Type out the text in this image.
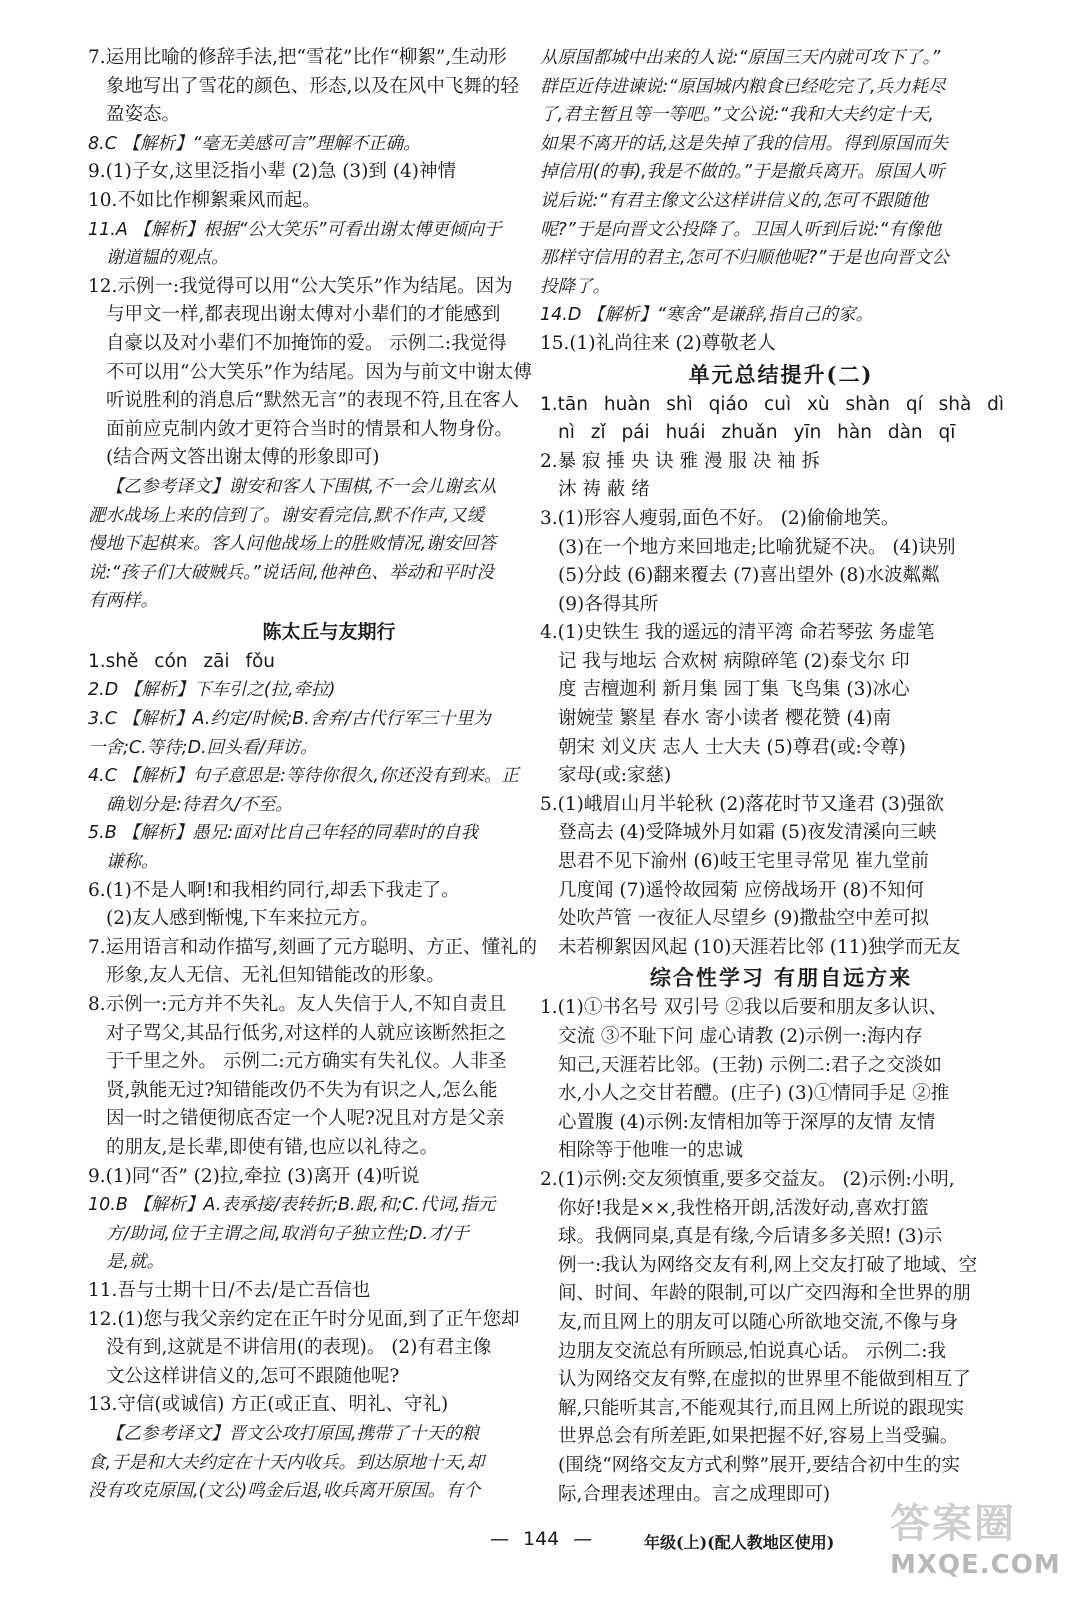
7.运用比喻的修辞手法,把“雪花”比作“柳絮”,生动形
象地写出了雪花的颜色、形态,以及在风中飞舞的轻
盈姿态。
8.C 【解析】“毫无美感可言”理解不正确。
9.(1)子女,这里泛指小辈 (2)急 (3)到 (4)神情
10.不如比作柳絮乘风而起。
11.A 【解析】根据“公大笑乐”可看出谢太傅更倾向于
谢道韫的观点。
12.示例一:我觉得可以用“公大笑乐”作为结尾。因为
与甲文一样,都表现出谢太傅对小辈们的才能感到
自豪以及对小辈们不加掩饰的爱。 示例二:我觉得
不可以用“公大笑乐”作为结尾。因为与前文中谢太傅
听说胜利的消息后“默然无言”的表现不符,且在客人
面前应克制内敛才更符合当时的情景和人物身份。
(结合两文答出谢太傅的形象即可)
【乙参考译文】谢安和客人下围棋,不一会儿谢玄从
淝水战场上来的信到了。谢安看完信,默不作声,又缓
慢地下起棋来。客人问他战场上的胜败情况,谢安回答
说:“孩子们大破贼兵。”说话间,他神色、举动和平时没
有两样。
陈太丘与友期行
1.shě cón zāi fǒu
2.D 【解析】下车引之(拉,牵拉)
3.C 【解析】A.约定/时候;B.舍弃/古代行军三十里为
一舍;C.等待;D.回头看/拜访。
4.C 【解析】句子意思是:等待你很久,你还没有到来。正
确划分是:待君久/不至。
5.B 【解析】愚兄:面对比自己年轻的同辈时的自我
谦称。
6.(1)不是人啊!和我相约同行,却丢下我走了。
(2)友人感到惭愧,下车来拉元方。
7.运用语言和动作描写,刻画了元方聪明、方正、懂礼的
形象,友人无信、无礼但知错能改的形象。
8.示例一:元方并不失礼。友人失信于人,不知自责且
对子骂父,其品行低劣,对这样的人就应该断然拒之
于千里之外。 示例二:元方确实有失礼仪。人非圣
贤,孰能无过?知错能改仍不失为有识之人,怎么能
因一时之错便彻底否定一个人呢?况且对方是父亲
的朋友,是长辈,即使有错,也应以礼待之。
9.(1)同“否” (2)拉,牵拉 (3)离开 (4)听说
10.B 【解析】A.表承接/表转折;B.跟,和;C.代词,指元
方/助词,位于主谓之间,取消句子独立性;D.才/于
是,就。
11.吾与士期十日/不去/是亡吾信也
12.(1)您与我父亲约定在正午时分见面,到了正午您却
没有到,这就是不讲信用(的表现)。 (2)有君主像
文公这样讲信义的,怎可不跟随他呢?
13.守信(或诚信) 方正(或正直、明礼、守礼)
【乙参考译文】晋文公攻打原国,携带了十天的粮
食,于是和大夫约定在十天内收兵。到达原地十天,却
没有攻克原国,(文公)鸣金后退,收兵离开原国。有个
从原国都城中出来的人说:“原国三天内就可攻下了。”
群臣近侍进谏说:“原国城内粮食已经吃完了,兵力耗尽
了,君主暂且等一等吧。”文公说:“我和大夫约定十天,
如果不离开的话,这是失掉了我的信用。得到原国而失
掉信用(的事),我是不做的。”于是撤兵离开。原国人听
说后说:“有君主像文公这样讲信义的,怎可不跟随他
呢?”于是向晋文公投降了。卫国人听到后说:“有像他
那样守信用的君主,怎可不归顺他呢?”于是也向晋文公
投降了。
14.D 【解析】“寒舍”是谦辞,指自己的家。
15.(1)礼尚往来 (2)尊敬老人
单元总结提升(二)
1.tān huàn shì qiáo cuì xù shàn qí shà dì
nì zǐ pái huái zhuǎn yīn hàn dàn qī
2.暴 寂 捶 央 诀 雅 漫 服 决 袖 拆
沐 祷 蔽 绪
3.(1)形容人瘦弱,面色不好。 (2)偷偷地笑。
(3)在一个地方来回地走;比喻犹疑不决。 (4)诀别
(5)分歧 (6)翻来覆去 (7)喜出望外 (8)水波粼粼
(9)各得其所
4.(1)史铁生 我的遥远的清平湾 命若琴弦 务虚笔
记 我与地坛 合欢树 病隙碎笔 (2)泰戈尔 印
度 吉檀迦利 新月集 园丁集 飞鸟集 (3)冰心
谢婉莹 繁星 春水 寄小读者 樱花赞 (4)南
朝宋 刘义庆 志人 士大夫 (5)尊君(或:令尊)
家母(或:家慈)
5.(1)峨眉山月半轮秋 (2)落花时节又逢君 (3)强欲
登高去 (4)受降城外月如霜 (5)夜发清溪向三峡
思君不见下渝州 (6)岐王宅里寻常见 崔九堂前
几度闻 (7)遥怜故园菊 应傍战场开 (8)不知何
处吹芦管 一夜征人尽望乡 (9)撒盐空中差可拟
未若柳絮因风起 (10)天涯若比邻 (11)独学而无友
综合性学习 有朋自远方来
1.(1)①书名号 双引号 ②我以后要和朋友多认识、
交流 ③不耻下问 虚心请教 (2)示例一:海内存
知己,天涯若比邻。(王勃) 示例二:君子之交淡如
水,小人之交甘若醴。(庄子) (3)①情同手足 ②推
心置腹 (4)示例:友情相加等于深厚的友情 友情
相除等于他唯一的忠诚
2.(1)示例:交友须慎重,要多交益友。 (2)示例:小明,
你好!我是××,我性格开朗,活泼好动,喜欢打篮
球。我俩同桌,真是有缘,今后请多多关照! (3)示
例一:我认为网络交友有利,网上交友打破了地域、空
间、时间、年龄的限制,可以广交四海和全世界的朋
友,而且网上的朋友可以随心所欲地交流,不像与身
边朋友交流总有所顾忌,怕说真心话。 示例二:我
认为网络交友有弊,在虚拟的世界里不能做到相互了
解,只能听其言,不能观其行,而且网上所说的跟现实
世界总会有所差距,如果把握不好,容易上当受骗。
(围绕“网络交友方式利弊”展开,要结合初中生的实
际,合理表述理由。言之成理即可)
— 144 —	年级(上)(配人教地区使用) 答案圈
MXQE.COM
